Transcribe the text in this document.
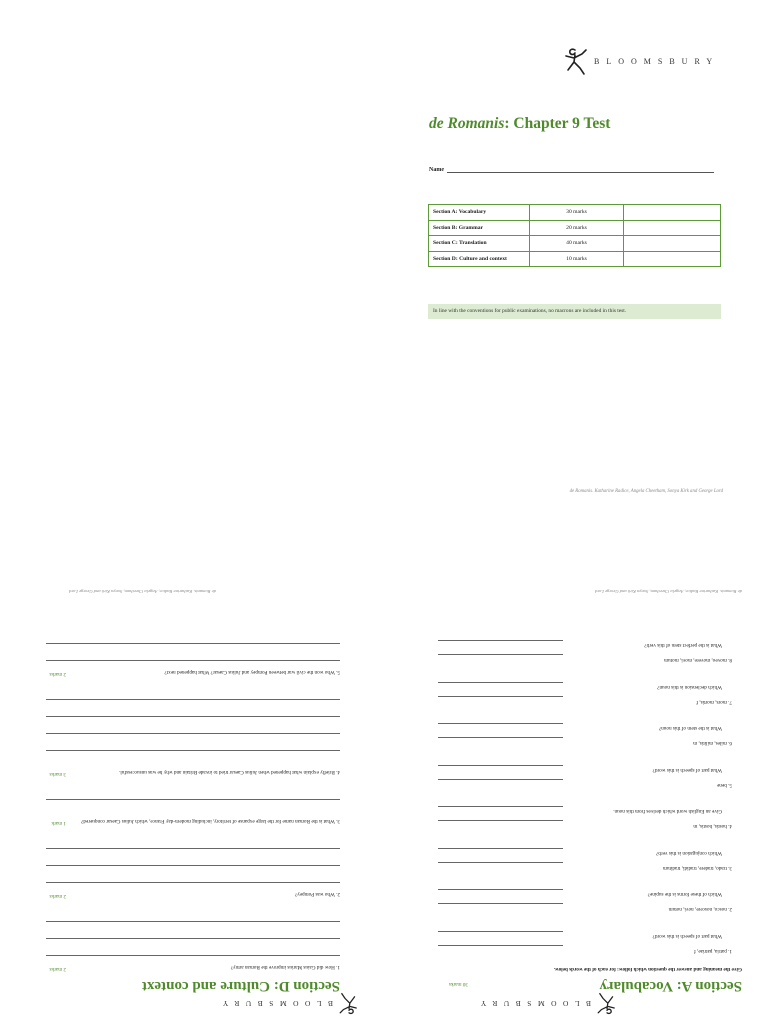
BLOOMSBURY
de Romanis: Chapter 9 Test
Name
Section A: Vocabulary	30 marks	
Section B: Grammar	20 marks	
Section C: Translation	40 marks	
Section D: Culture and context	10 marks	
In line with the conventions for public examinations, no macrons are included in this test.
de Romanis. Katharine Radice, Angela Cheetham, Sonya Kirk and George Lord
BLOOMSBURY
Section A: Vocabulary
30 marks
Give the meaning and answer the question which follow: for each of the words below.
1. patria, patriae, f
What part of speech is this word?
2. nosco, noscere, novi, notum
Which of these forms is the supine?
3. trado, tradere, tradidi, traditum
Which conjugation is this verb?
4. hostis, hostis, m
Give an English word which derives from this noun.
5. bene
What part of speech is this word?
6. miles, militis, m
What is the stem of this noun?
7. mors, mortis, f
Which declension is this noun?
8. moveo, movere, movi, motum
What is the perfect stem of this verb?
de Romanis. Katharine Radice, Angela Cheetham, Sonya Kirk and George Lord
BLOOMSBURY
Section D: Culture and context
2 marks	1. How did Gaius Marius improve the Roman army?
2 marks	2. Who was Pompey?
1 mark	3. What is the Roman name for the large expanse of territory, including modern-day France, which Julius Caesar conquered?
3 marks	4. Briefly explain what happened when Julius Caesar tried to invade Britain and why he was unsuccessful.
2 marks	5. Who won the civil war between Pompey and Julius Caesar? What happened next?
de Romanis. Katharine Radice, Angela Cheetham, Sonya Kirk and George Lord
